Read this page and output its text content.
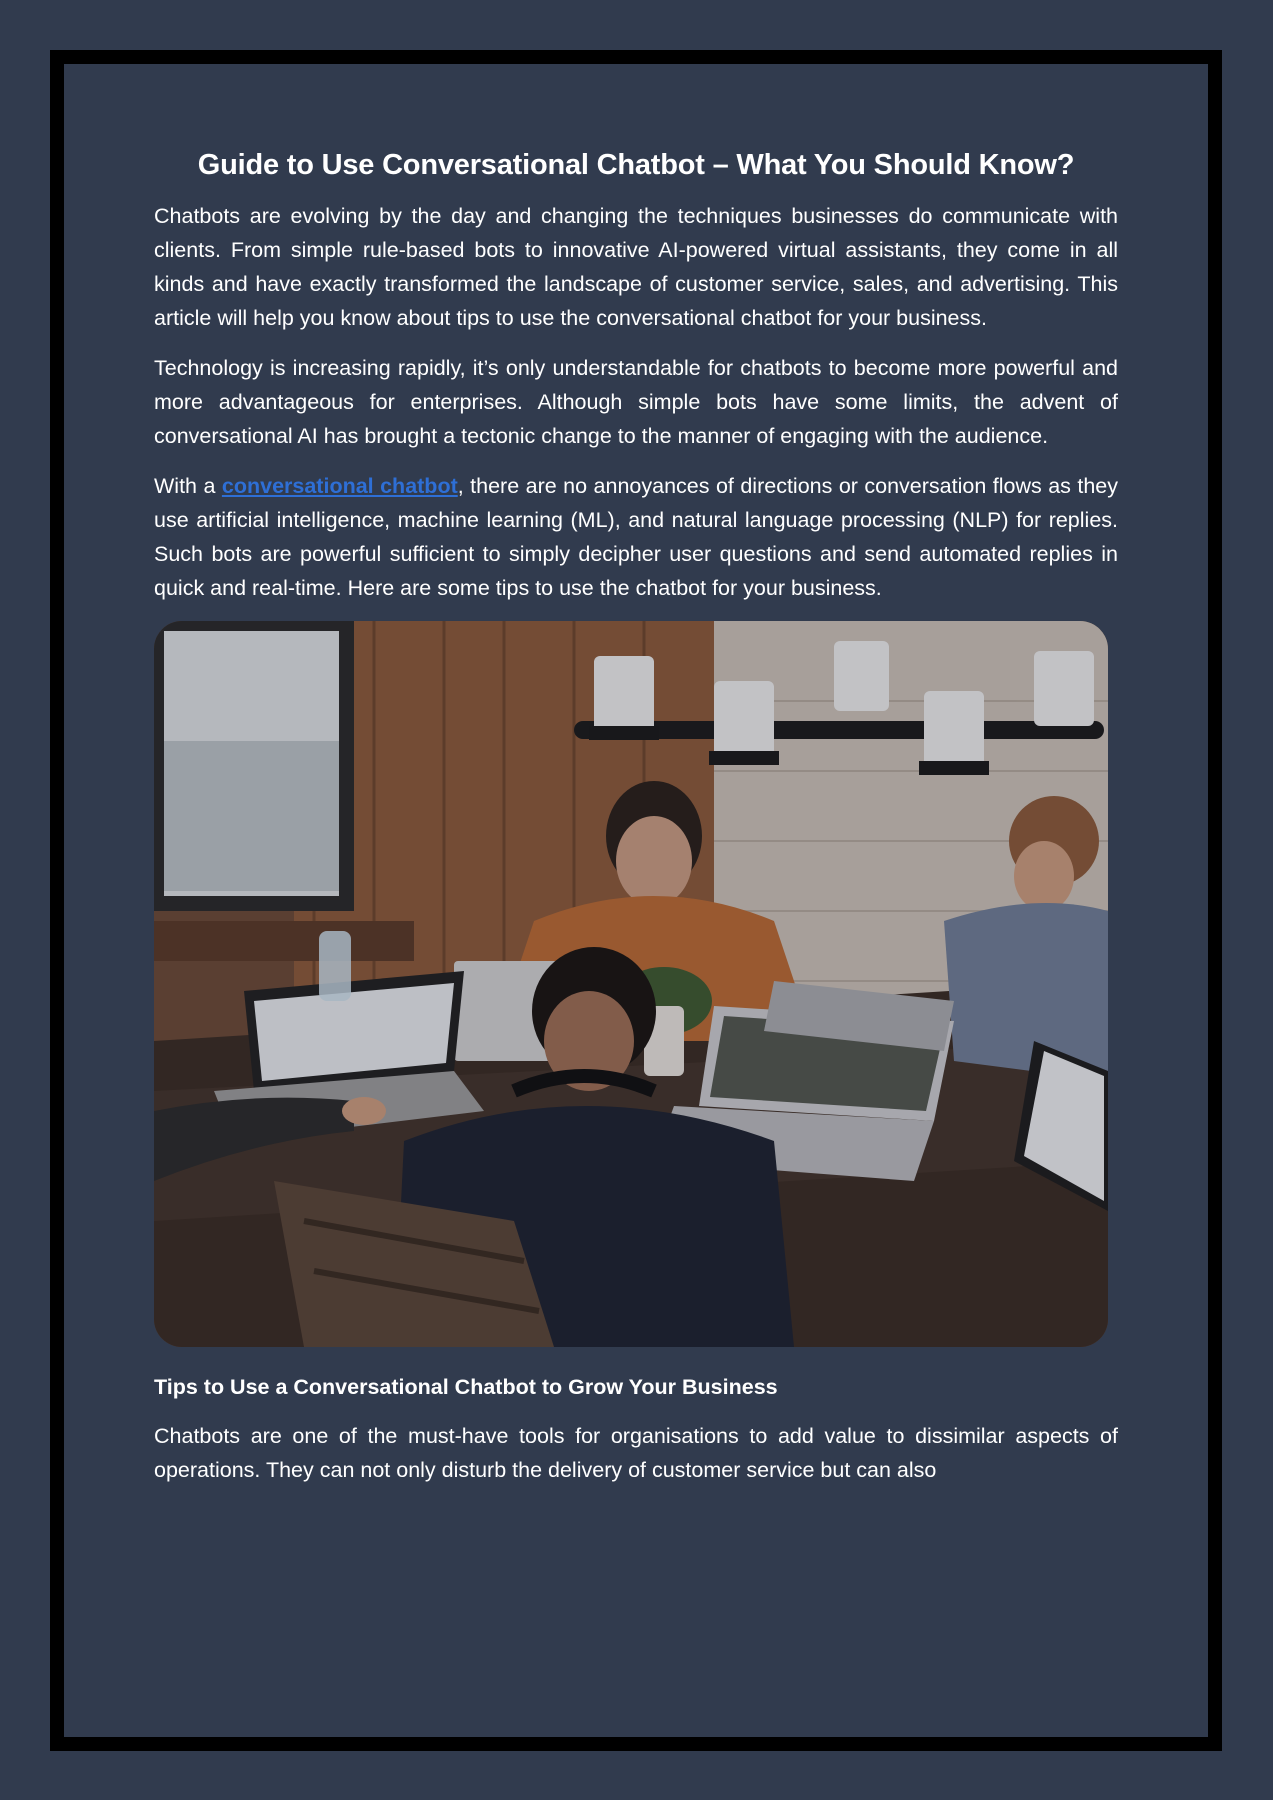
Guide to Use Conversational Chatbot – What You Should Know?

Chatbots are evolving by the day and changing the techniques businesses do communicate with clients. From simple rule-based bots to innovative AI-powered virtual assistants, they come in all kinds and have exactly transformed the landscape of customer service, sales, and advertising. This article will help you know about tips to use the conversational chatbot for your business.

Technology is increasing rapidly, it’s only understandable for chatbots to become more powerful and more advantageous for enterprises. Although simple bots have some limits, the advent of conversational AI has brought a tectonic change to the manner of engaging with the audience.

With a conversational chatbot, there are no annoyances of directions or conversation flows as they use artificial intelligence, machine learning (ML), and natural language processing (NLP) for replies. Such bots are powerful sufficient to simply decipher user questions and send automated replies in quick and real-time. Here are some tips to use the chatbot for your business.

Tips to Use a Conversational Chatbot to Grow Your Business

Chatbots are one of the must-have tools for organisations to add value to dissimilar aspects of operations. They can not only disturb the delivery of customer service but can also
